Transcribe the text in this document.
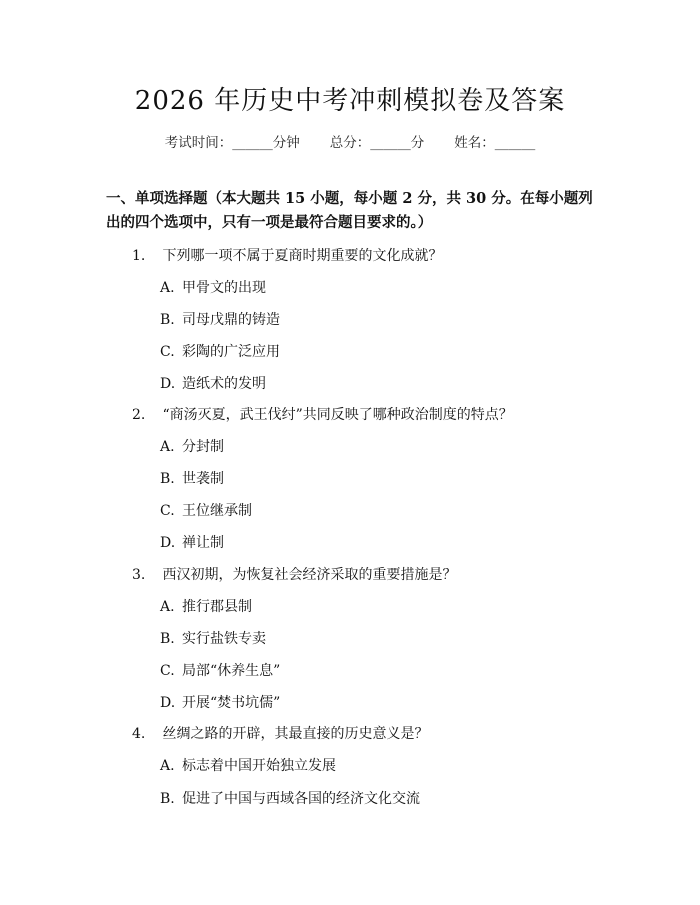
2026 年历史中考冲刺模拟卷及答案
考试时间：______分钟 总分：______分 姓名：______
一、单项选择题（本大题共 15 小题，每小题 2 分，共 30 分。在每小题列出的四个选项中，只有一项是最符合题目要求的。）
1. 下列哪一项不属于夏商时期重要的文化成就？
A. 甲骨文的出现
B. 司母戊鼎的铸造
C. 彩陶的广泛应用
D. 造纸术的发明
2. “商汤灭夏，武王伐纣”共同反映了哪种政治制度的特点？
A. 分封制
B. 世袭制
C. 王位继承制
D. 禅让制
3. 西汉初期，为恢复社会经济采取的重要措施是？
A. 推行郡县制
B. 实行盐铁专卖
C. 局部“休养生息”
D. 开展“焚书坑儒”
4. 丝绸之路的开辟，其最直接的历史意义是？
A. 标志着中国开始独立发展
B. 促进了中国与西域各国的经济文化交流
